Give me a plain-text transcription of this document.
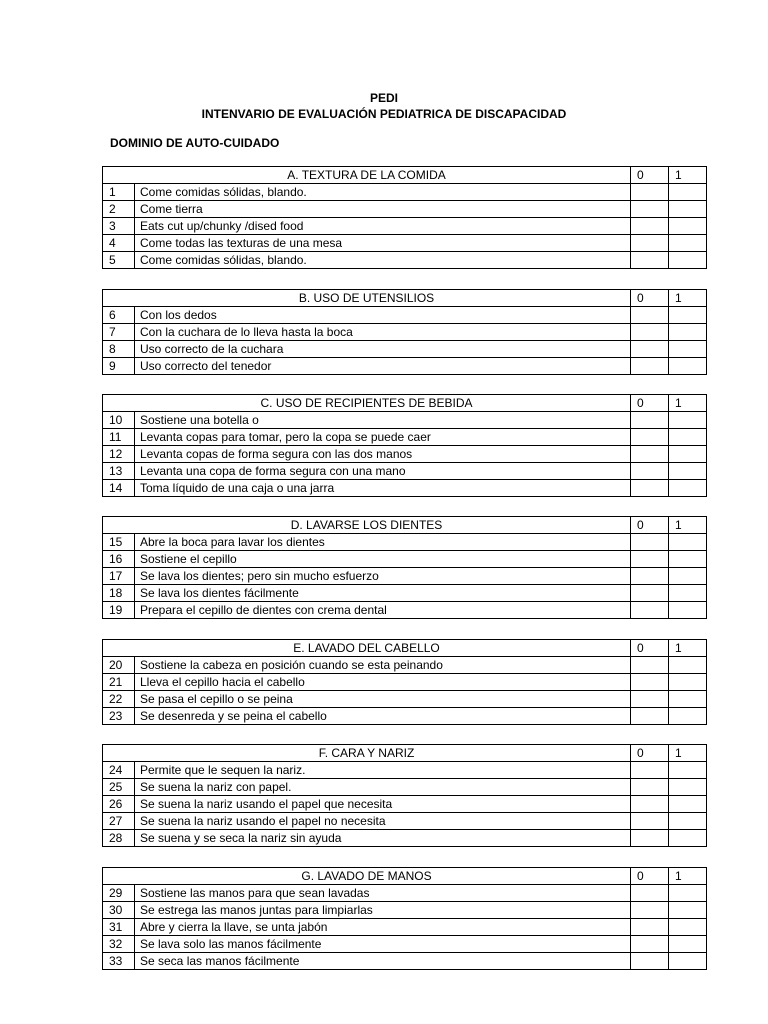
PEDI
INTENVARIO DE EVALUACIÓN PEDIATRICA DE DISCAPACIDAD
DOMINIO DE AUTO-CUIDADO
A. TEXTURA DE LA COMIDA		0	1
1	Come comidas sólidas, blando.		
2	Come tierra		
3	Eats cut up/chunky /dised food		
4	Come todas las texturas de una mesa		
5	Come comidas sólidas, blando.		
B. USO DE UTENSILIOS		0	1
6	Con los dedos		
7	Con la cuchara de lo lleva hasta la boca		
8	Uso correcto de la cuchara		
9	Uso correcto del tenedor		
C. USO DE RECIPIENTES DE BEBIDA		0	1
10	Sostiene una botella o		
11	Levanta copas para tomar, pero la copa se puede caer		
12	Levanta copas de forma segura con las dos manos		
13	Levanta una copa de forma segura con una mano		
14	Toma líquido de una caja o una jarra		
D. LAVARSE LOS DIENTES		0	1
15	Abre la boca para lavar los dientes		
16	Sostiene el cepillo		
17	Se lava los dientes; pero sin mucho esfuerzo		
18	Se lava los dientes fácilmente		
19	Prepara el cepillo de dientes con crema dental		
E. LAVADO DEL CABELLO		0	1
20	Sostiene la cabeza en posición cuando se esta peinando		
21	Lleva el cepillo hacia el cabello		
22	Se pasa el cepillo o se peina		
23	Se desenreda y se peina el cabello		
F. CARA Y NARIZ		0	1
24	Permite que le sequen la nariz.		
25	Se suena la nariz con papel.		
26	Se suena la nariz usando el papel que necesita		
27	Se suena la nariz usando el papel no necesita		
28	Se suena y se seca la nariz sin ayuda		
G. LAVADO DE MANOS		0	1
29	Sostiene las manos para que sean lavadas		
30	Se estrega las manos juntas para limpiarlas		
31	Abre y cierra la llave, se unta jabón		
32	Se lava solo las manos fácilmente		
33	Se seca las manos fácilmente		
